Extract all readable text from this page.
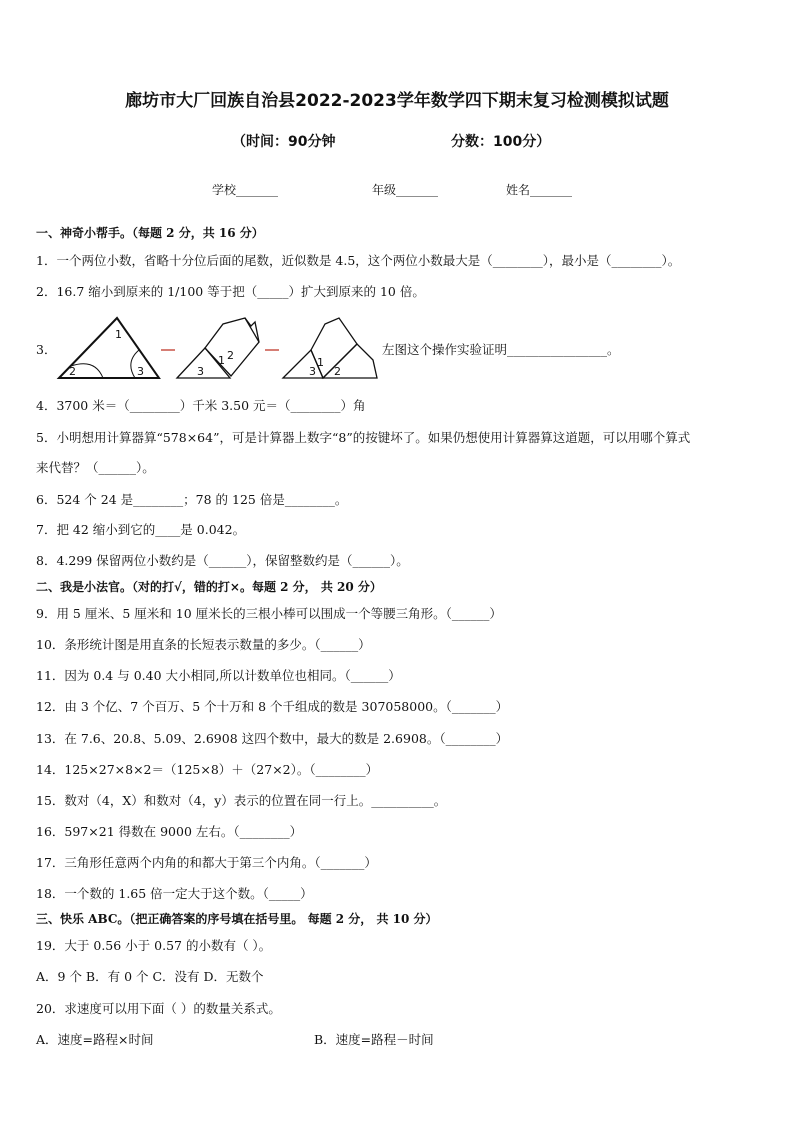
廊坊市大厂回族自治县2022-2023学年数学四下期末复习检测模拟试题
（时间：90分钟	分数：100分）
学校_______	年级_______	姓名_______
一、神奇小帮手。（每题 2 分，共 16 分）
1．一个两位小数，省略十分位后面的尾数，近似数是 4.5，这个两位小数最大是（________），最小是（________）。
2．16.7 缩小到原来的 1/100 等于把（_____）扩大到原来的 10 倍。
3．
1
2	3
1
3
2
1
3 2
左图这个操作实验证明________________。
4．3700 米＝（________）千米 3.50 元＝（________）角
5．小明想用计算器算“578×64”，可是计算器上数字“8”的按键坏了。如果仍想使用计算器算这道题，可以用哪个算式
来代替？（______）。
6．524 个 24 是________；78 的 125 倍是________。
7．把 42 缩小到它的____是 0.042。
8．4.299 保留两位小数约是（______），保留整数约是（______）。
二、我是小法官。（对的打√，错的打×。每题 2 分， 共 20 分）
9．用 5 厘米、5 厘米和 10 厘米长的三根小棒可以围成一个等腰三角形。（______）
10．条形统计图是用直条的长短表示数量的多少。（______）
11．因为 0.4 与 0.40 大小相同,所以计数单位也相同。（______）
12．由 3 个亿、7 个百万、5 个十万和 8 个千组成的数是 307058000。（_______）
13．在 7.6、20.8、5.09、2.6908 这四个数中，最大的数是 2.6908。（________）
14．125×27×8×2＝（125×8）＋（27×2）。（________）
15．数对（4，X）和数对（4，y）表示的位置在同一行上。__________。
16．597×21 得数在 9000 左右。（________）
17．三角形任意两个内角的和都大于第三个内角。（_______）
18．一个数的 1.65 倍一定大于这个数。（_____）
三、快乐 ABC。（把正确答案的序号填在括号里。 每题 2 分， 共 10 分）
19．大于 0.56 小于 0.57 的小数有（ ）。
A．9 个 B．有 0 个 C．没有 D．无数个
20．求速度可以用下面（ ）的数量关系式。
A．速度=路程×时间	B．速度=路程－时间
